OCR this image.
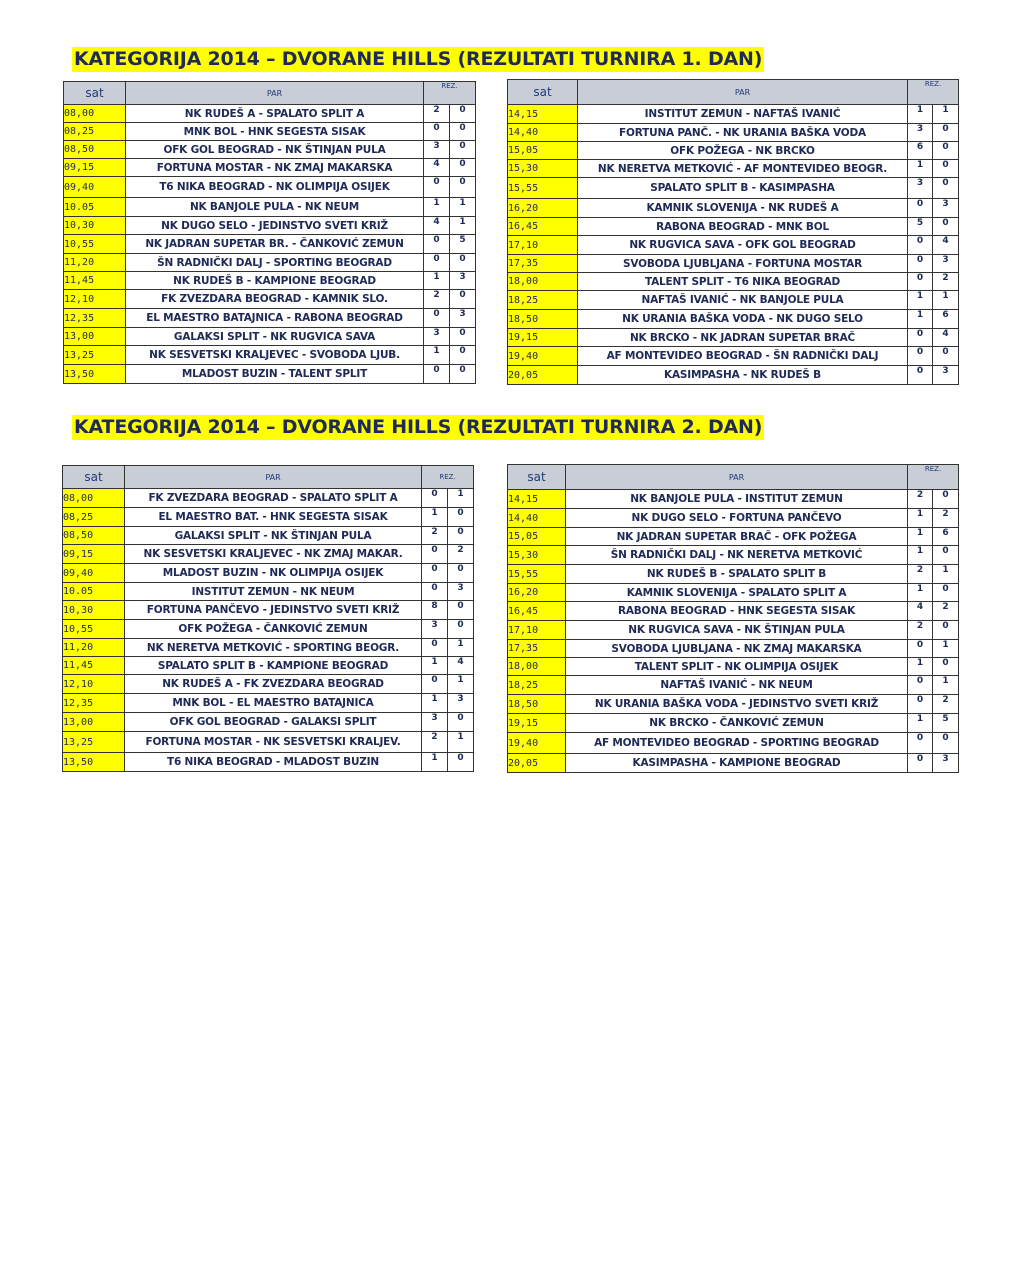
KATEGORIJA 2014 – DVORANE HILLS (REZULTATI TURNIRA 1. DAN)
sat	PAR	REZ.	
08,00	NK RUDEŠ A - SPALATO SPLIT A	2	0
08,25	MNK BOL - HNK SEGESTA SISAK	0	0
08,50	OFK GOL BEOGRAD - NK ŠTINJAN PULA	3	0
09,15	FORTUNA MOSTAR - NK ZMAJ MAKARSKA	4	0
09,40	T6 NIKA BEOGRAD - NK OLIMPIJA OSIJEK	0	0
10.05	NK BANJOLE PULA - NK NEUM	1	1
10,30	NK DUGO SELO - JEDINSTVO SVETI KRIŽ	4	1
10,55	NK JADRAN SUPETAR BR. - ČANKOVIĆ ZEMUN	0	5
11,20	ŠN RADNIČKI DALJ - SPORTING BEOGRAD	0	0
11,45	NK RUDEŠ B - KAMPIONE BEOGRAD	1	3
12,10	FK ZVEZDARA BEOGRAD - KAMNIK SLO.	2	0
12,35	EL MAESTRO BATAJNICA - RABONA BEOGRAD	0	3
13,00	GALAKSI SPLIT - NK RUGVICA SAVA	3	0
13,25	NK SESVETSKI KRALJEVEC - SVOBODA LJUB.	1	0
13,50	MLADOST BUZIN - TALENT SPLIT	0	0
sat	PAR	REZ.	
14,15	INSTITUT ZEMUN - NAFTAŠ IVANIĆ	1	1
14,40	FORTUNA PANČ. - NK URANIA BAŠKA VODA	3	0
15,05	OFK POŽEGA - NK BRCKO	6	0
15,30	NK NERETVA METKOVIĆ - AF MONTEVIDEO BEOGR.	1	0
15,55	SPALATO SPLIT B - KASIMPASHA	3	0
16,20	KAMNIK SLOVENIJA - NK RUDEŠ A	0	3
16,45	RABONA BEOGRAD - MNK BOL	5	0
17,10	NK RUGVICA SAVA - OFK GOL BEOGRAD	0	4
17,35	SVOBODA LJUBLJANA - FORTUNA MOSTAR	0	3
18,00	TALENT SPLIT - T6 NIKA BEOGRAD	0	2
18,25	NAFTAŠ IVANIĆ - NK BANJOLE PULA	1	1
18,50	NK URANIA BAŠKA VODA - NK DUGO SELO	1	6
19,15	NK BRCKO - NK JADRAN SUPETAR BRAČ	0	4
19,40	AF MONTEVIDEO BEOGRAD - ŠN RADNIČKI DALJ	0	0
20,05	KASIMPASHA - NK RUDEŠ B	0	3
KATEGORIJA 2014 – DVORANE HILLS (REZULTATI TURNIRA 2. DAN)
sat	PAR	REZ.	
08,00	FK ZVEZDARA BEOGRAD - SPALATO SPLIT A	0	1
08,25	EL MAESTRO BAT. - HNK SEGESTA SISAK	1	0
08,50	GALAKSI SPLIT - NK ŠTINJAN PULA	2	0
09,15	NK SESVETSKI KRALJEVEC - NK ZMAJ MAKAR.	0	2
09,40	MLADOST BUZIN - NK OLIMPIJA OSIJEK	0	0
10.05	INSTITUT ZEMUN - NK NEUM	0	3
10,30	FORTUNA PANČEVO - JEDINSTVO SVETI KRIŽ	8	0
10,55	OFK POŽEGA - ČANKOVIĆ ZEMUN	3	0
11,20	NK NERETVA METKOVIĆ - SPORTING BEOGR.	0	1
11,45	SPALATO SPLIT B - KAMPIONE BEOGRAD	1	4
12,10	NK RUDEŠ A - FK ZVEZDARA BEOGRAD	0	1
12,35	MNK BOL - EL MAESTRO BATAJNICA	1	3
13,00	OFK GOL BEOGRAD - GALAKSI SPLIT	3	0
13,25	FORTUNA MOSTAR - NK SESVETSKI KRALJEV.	2	1
13,50	T6 NIKA BEOGRAD - MLADOST BUZIN	1	0
sat	PAR	REZ.	
14,15	NK BANJOLE PULA - INSTITUT ZEMUN	2	0
14,40	NK DUGO SELO - FORTUNA PANČEVO	1	2
15,05	NK JADRAN SUPETAR BRAČ - OFK POŽEGA	1	6
15,30	ŠN RADNIČKI DALJ - NK NERETVA METKOVIĆ	1	0
15,55	NK RUDEŠ B - SPALATO SPLIT B	2	1
16,20	KAMNIK SLOVENIJA - SPALATO SPLIT A	1	0
16,45	RABONA BEOGRAD - HNK SEGESTA SISAK	4	2
17,10	NK RUGVICA SAVA - NK ŠTINJAN PULA	2	0
17,35	SVOBODA LJUBLJANA - NK ZMAJ MAKARSKA	0	1
18,00	TALENT SPLIT - NK OLIMPIJA OSIJEK	1	0
18,25	NAFTAŠ IVANIĆ - NK NEUM	0	1
18,50	NK URANIA BAŠKA VODA - JEDINSTVO SVETI KRIŽ	0	2
19,15	NK BRCKO - ČANKOVIĆ ZEMUN	1	5
19,40	AF MONTEVIDEO BEOGRAD - SPORTING BEOGRAD	0	0
20,05	KASIMPASHA - KAMPIONE BEOGRAD	0	3
